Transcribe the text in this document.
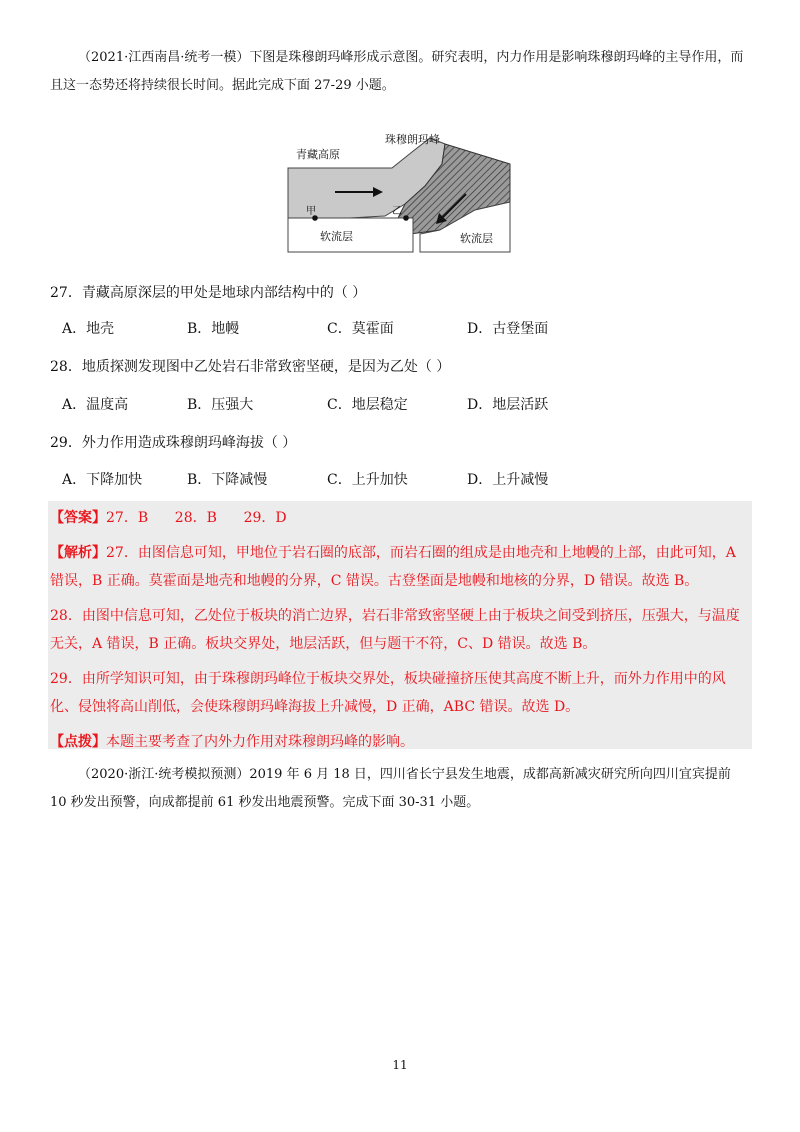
（2021·江西南昌·统考一模）下图是珠穆朗玛峰形成示意图。研究表明，内力作用是影响珠穆朗玛峰的主导作用，而且这一态势还将持续很长时间。据此完成下面 27-29 小题。

珠穆朗玛峰
青藏高原
甲	乙
软流层	软流层

27．青藏高原深层的甲处是地球内部结构中的（ ）

A．地壳	B．地幔	C．莫霍面	D．古登堡面

28．地质探测发现图中乙处岩石非常致密坚硬，是因为乙处（ ）

A．温度高	B．压强大	C．地层稳定	D．地层活跃

29．外力作用造成珠穆朗玛峰海拔（ ）

A．下降加快	B．下降减慢	C．上升加快	D．上升减慢

【答案】27．B      28．B      29．D

【解析】27．由图信息可知，甲地位于岩石圈的底部，而岩石圈的组成是由地壳和上地幔的上部，由此可知，A 错误，B 正确。莫霍面是地壳和地幔的分界，C 错误。古登堡面是地幔和地核的分界，D 错误。故选 B。

28．由图中信息可知，乙处位于板块的消亡边界，岩石非常致密坚硬上由于板块之间受到挤压，压强大，与温度无关，A 错误，B 正确。板块交界处，地层活跃，但与题干不符，C、D 错误。故选 B。

29．由所学知识可知，由于珠穆朗玛峰位于板块交界处，板块碰撞挤压使其高度不断上升，而外力作用中的风化、侵蚀将高山削低，会使珠穆朗玛峰海拔上升减慢，D 正确，ABC 错误。故选 D。

【点拨】本题主要考查了内外力作用对珠穆朗玛峰的影响。

（2020·浙江·统考模拟预测）2019 年 6 月 18 日，四川省长宁县发生地震，成都高新减灾研究所向四川宜宾提前 10 秒发出预警，向成都提前 61 秒发出地震预警。完成下面 30-31 小题。

11
